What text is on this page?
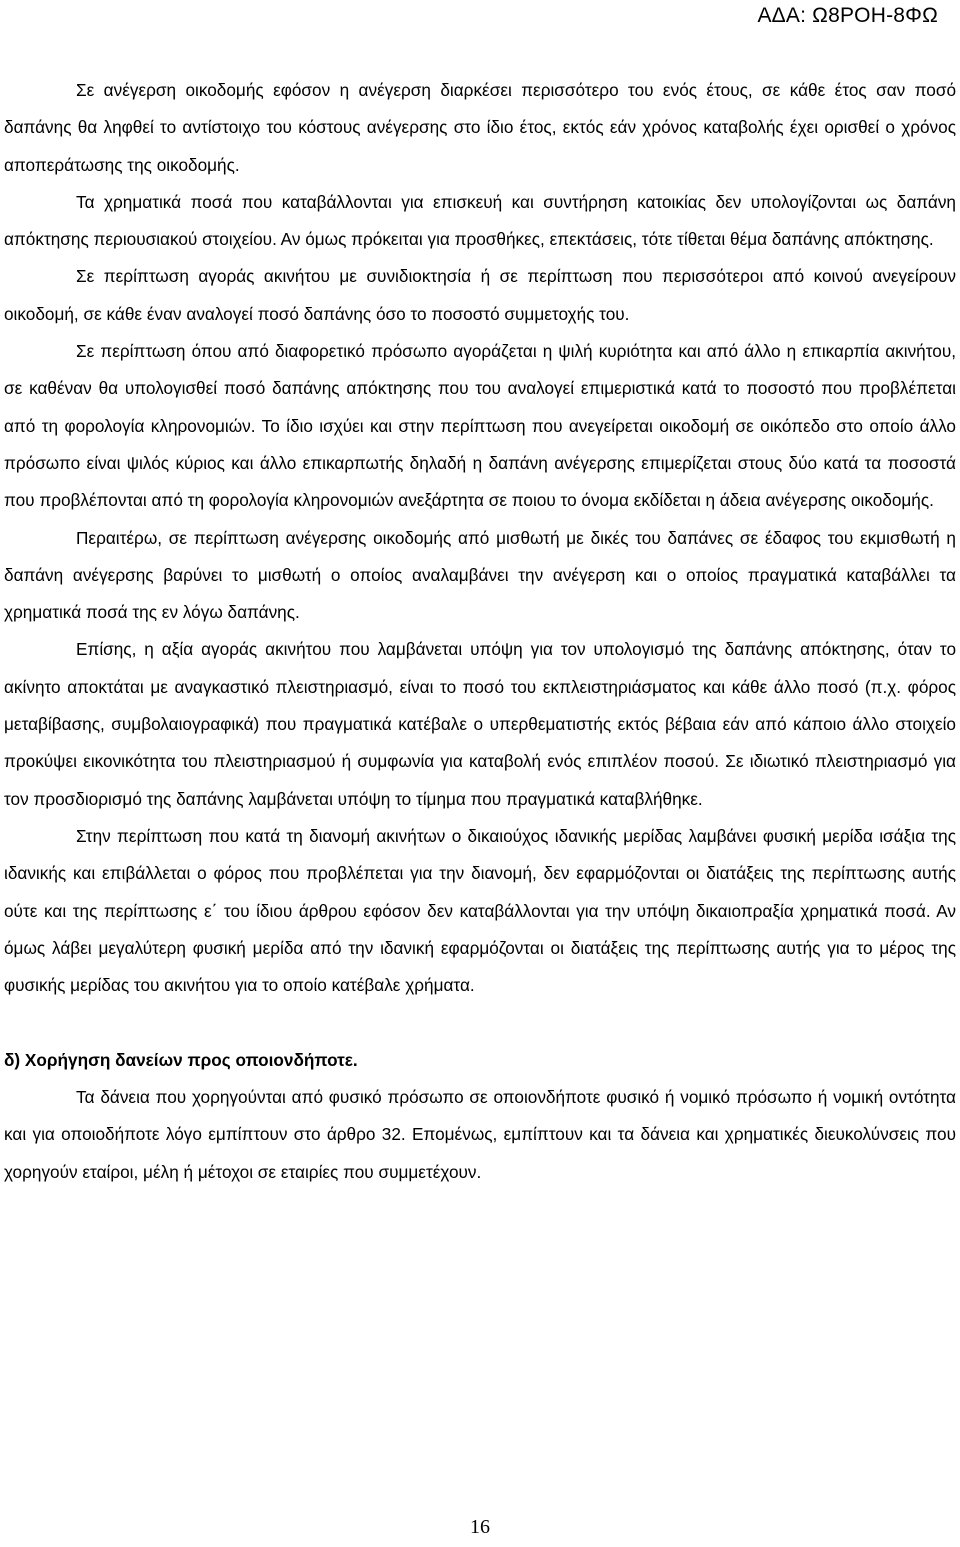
ΑΔΑ: Ω8ΡΟΗ-8ΦΩ

Σε ανέγερση οικοδομής εφόσον η ανέγερση διαρκέσει περισσότερο του ενός έτους, σε κάθε έτος σαν ποσό δαπάνης θα ληφθεί το αντίστοιχο του κόστους ανέγερσης στο ίδιο έτος, εκτός εάν χρόνος καταβολής έχει ορισθεί ο χρόνος αποπεράτωσης της οικοδομής.

Τα χρηματικά ποσά που καταβάλλονται για επισκευή και συντήρηση κατοικίας δεν υπολογίζονται ως δαπάνη απόκτησης περιουσιακού στοιχείου. Αν όμως πρόκειται για προσθήκες, επεκτάσεις, τότε τίθεται θέμα δαπάνης απόκτησης.

Σε περίπτωση αγοράς ακινήτου με συνιδιοκτησία ή σε περίπτωση που περισσότεροι από κοινού ανεγείρουν οικοδομή, σε κάθε έναν αναλογεί ποσό δαπάνης όσο το ποσοστό συμμετοχής του.

Σε περίπτωση όπου από διαφορετικό πρόσωπο αγοράζεται η ψιλή κυριότητα και από άλλο η επικαρπία ακινήτου, σε καθέναν θα υπολογισθεί ποσό δαπάνης απόκτησης που του αναλογεί επιμεριστικά κατά το ποσοστό που προβλέπεται από τη φορολογία κληρονομιών. Το ίδιο ισχύει και στην περίπτωση που ανεγείρεται οικοδομή σε οικόπεδο στο οποίο άλλο πρόσωπο είναι ψιλός κύριος και άλλο επικαρπωτής δηλαδή η δαπάνη ανέγερσης επιμερίζεται στους δύο κατά τα ποσοστά που προβλέπονται από τη φορολογία κληρονομιών ανεξάρτητα σε ποιου το όνομα εκδίδεται η άδεια ανέγερσης οικοδομής.

Περαιτέρω, σε περίπτωση ανέγερσης οικοδομής από μισθωτή με δικές του δαπάνες σε έδαφος του εκμισθωτή η δαπάνη ανέγερσης βαρύνει το μισθωτή ο οποίος αναλαμβάνει την ανέγερση και ο οποίος πραγματικά καταβάλλει τα χρηματικά ποσά της εν λόγω δαπάνης.

Επίσης, η αξία αγοράς ακινήτου που λαμβάνεται υπόψη για τον υπολογισμό της δαπάνης απόκτησης, όταν το ακίνητο αποκτάται με αναγκαστικό πλειστηριασμό, είναι το ποσό του εκπλειστηριάσματος και κάθε άλλο ποσό (π.χ. φόρος μεταβίβασης, συμβολαιογραφικά) που πραγματικά κατέβαλε ο υπερθεματιστής εκτός βέβαια εάν από κάποιο άλλο στοιχείο προκύψει εικονικότητα του πλειστηριασμού ή συμφωνία για καταβολή ενός επιπλέον ποσού. Σε ιδιωτικό πλειστηριασμό για τον προσδιορισμό της δαπάνης λαμβάνεται υπόψη το τίμημα που πραγματικά καταβλήθηκε.

Στην περίπτωση που κατά τη διανομή ακινήτων ο δικαιούχος ιδανικής μερίδας λαμβάνει φυσική μερίδα ισάξια της ιδανικής και επιβάλλεται ο φόρος που προβλέπεται για την διανομή, δεν εφαρμόζονται οι διατάξεις της περίπτωσης αυτής ούτε και της περίπτωσης ε΄ του ίδιου άρθρου εφόσον δεν καταβάλλονται για την υπόψη δικαιοπραξία χρηματικά ποσά. Αν όμως λάβει μεγαλύτερη φυσική μερίδα από την ιδανική εφαρμόζονται οι διατάξεις της περίπτωσης αυτής για το μέρος της φυσικής μερίδας του ακινήτου για το οποίο κατέβαλε χρήματα.

δ) Χορήγηση δανείων προς οποιονδήποτε.

Τα δάνεια που χορηγούνται από φυσικό πρόσωπο σε οποιονδήποτε φυσικό ή νομικό πρόσωπο ή νομική οντότητα και για οποιοδήποτε λόγο εμπίπτουν στο άρθρο 32. Επομένως, εμπίπτουν και τα δάνεια και χρηματικές διευκολύνσεις που χορηγούν εταίροι, μέλη ή μέτοχοι σε εταιρίες που συμμετέχουν.

16
